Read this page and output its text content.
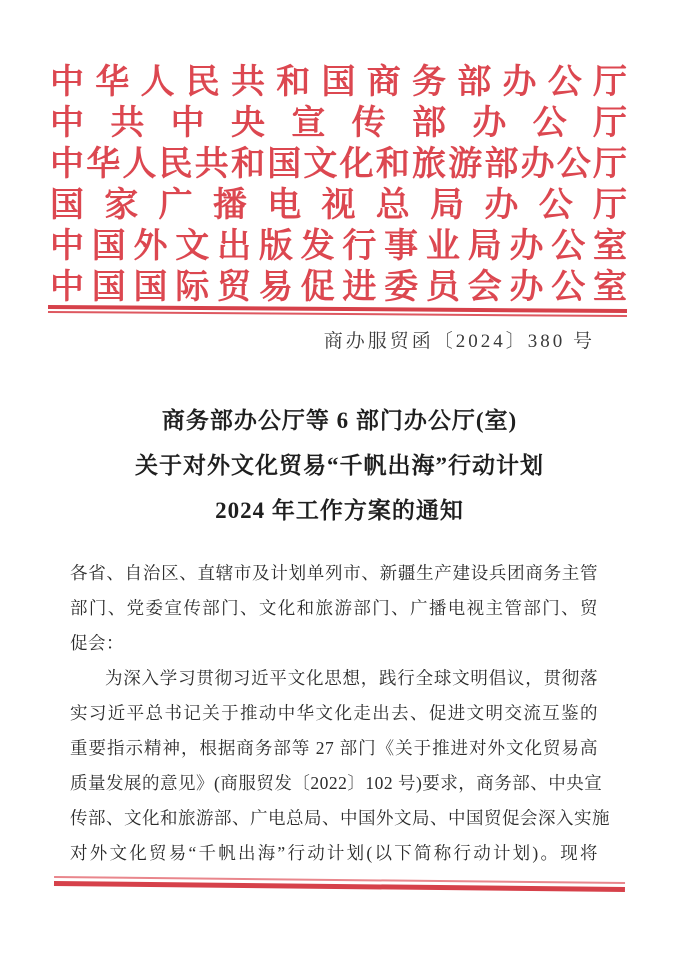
中华人民共和国商务部办公厅
中共中央宣传部办公厅
中华人民共和国文化和旅游部办公厅
国家广播电视总局办公厅
中国外文出版发行事业局办公室
中国国际贸易促进委员会办公室
商办服贸函〔2024〕380 号
商务部办公厅等 6 部门办公厅(室)
关于对外文化贸易“千帆出海”行动计划
2024 年工作方案的通知
各省、自治区、直辖市及计划单列市、新疆生产建设兵团商务主管
部门、党委宣传部门、文化和旅游部门、广播电视主管部门、贸
促会：
为深入学习贯彻习近平文化思想，践行全球文明倡议，贯彻落
实习近平总书记关于推动中华文化走出去、促进文明交流互鉴的
重要指示精神，根据商务部等 27 部门《关于推进对外文化贸易高
质量发展的意见》(商服贸发〔2022〕102 号)要求，商务部、中央宣
传部、文化和旅游部、广电总局、中国外文局、中国贸促会深入实施
对外文化贸易“千帆出海”行动计划(以下简称行动计划)。现将
